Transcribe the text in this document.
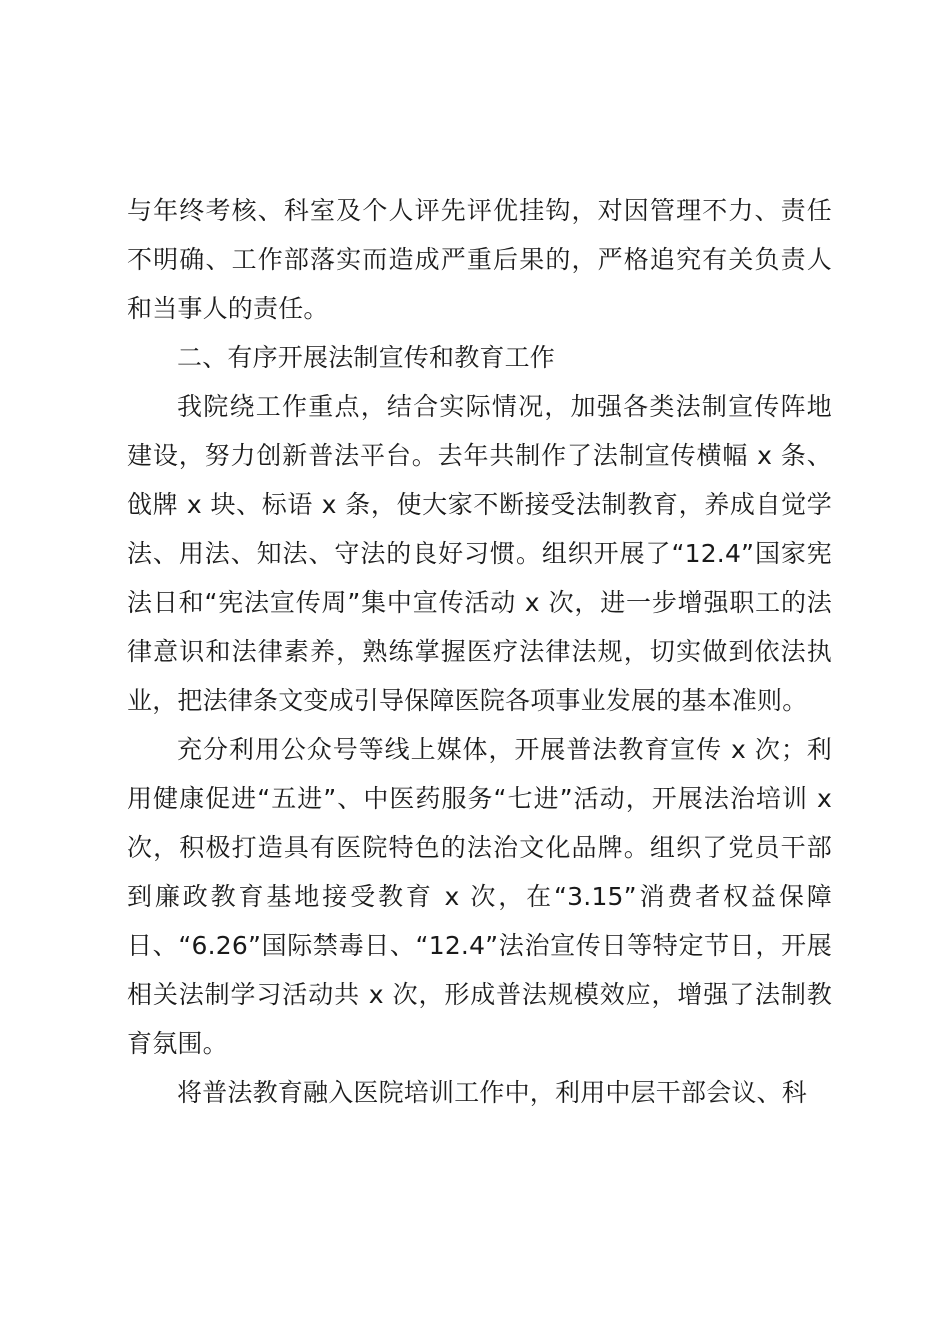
与年终考核、科室及个人评先评优挂钩，对因管理不力、责任不明确、工作部落实而造成严重后果的，严格追究有关负责人和当事人的责任。

二、有序开展法制宣传和教育工作

我院绕工作重点，结合实际情况，加强各类法制宣传阵地建设，努力创新普法平台。去年共制作了法制宣传横幅 x 条、戗牌 x 块、标语 x 条，使大家不断接受法制教育，养成自觉学法、用法、知法、守法的良好习惯。组织开展了“12.4”国家宪法日和“宪法宣传周”集中宣传活动 x 次，进一步增强职工的法律意识和法律素养，熟练掌握医疗法律法规，切实做到依法执业，把法律条文变成引导保障医院各项事业发展的基本准则。

充分利用公众号等线上媒体，开展普法教育宣传 x 次；利用健康促进“五进”、中医药服务“七进”活动，开展法治培训 x 次，积极打造具有医院特色的法治文化品牌。组织了党员干部到廉政教育基地接受教育 x 次，在“3.15”消费者权益保障日、“6.26”国际禁毒日、“12.4”法治宣传日等特定节日，开展相关法制学习活动共 x 次，形成普法规模效应，增强了法制教育氛围。

将普法教育融入医院培训工作中，利用中层干部会议、科
